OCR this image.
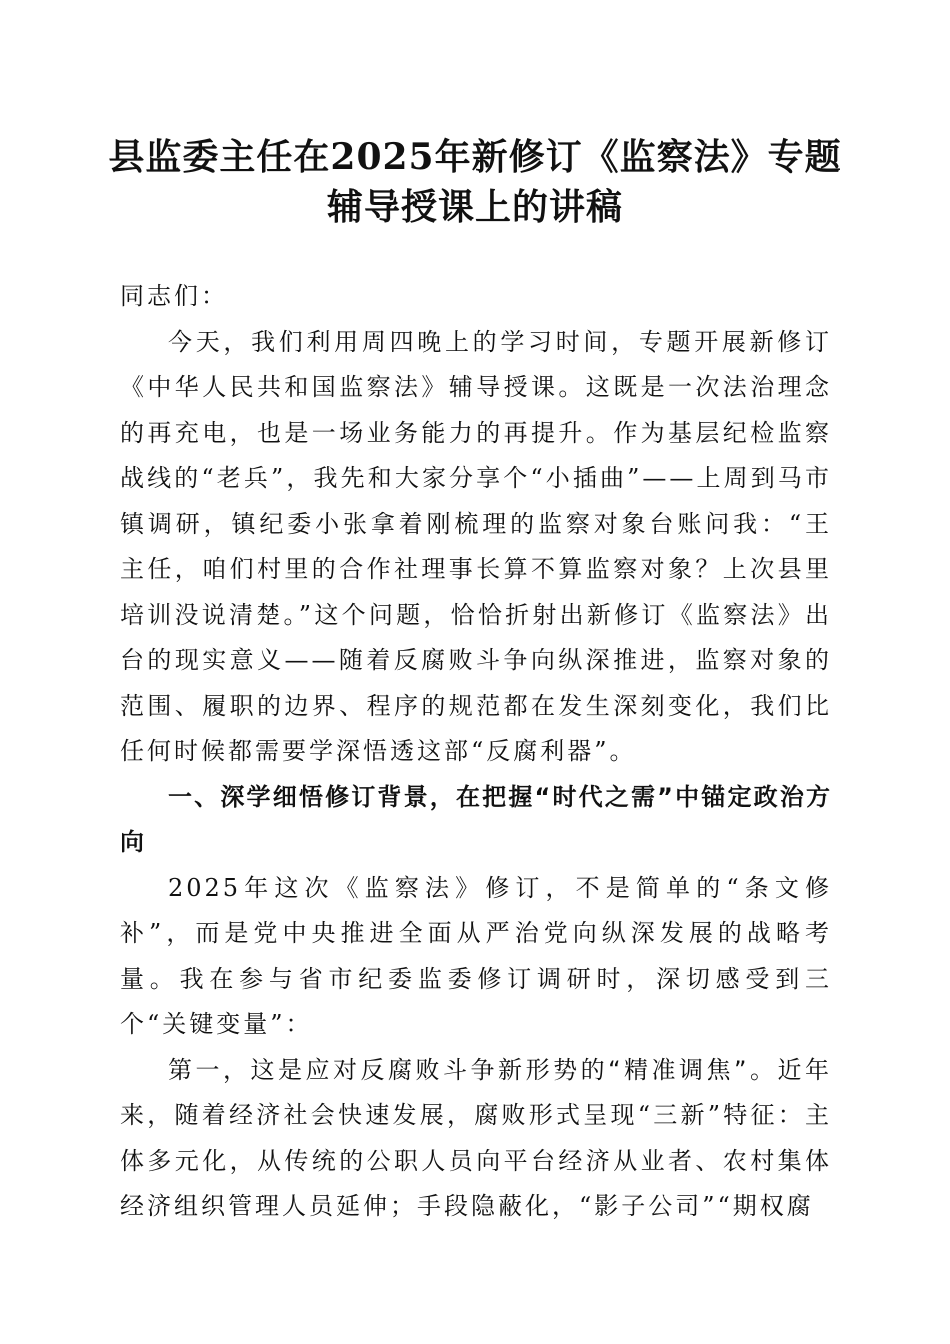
县监委主任在2025年新修订《监察法》专题辅导授课上的讲稿

同志们：

今天，我们利用周四晚上的学习时间，专题开展新修订《中华人民共和国监察法》辅导授课。这既是一次法治理念的再充电，也是一场业务能力的再提升。作为基层纪检监察战线的“老兵”，我先和大家分享个“小插曲”——上周到马市镇调研，镇纪委小张拿着刚梳理的监察对象台账问我：“王主任，咱们村里的合作社理事长算不算监察对象？上次县里培训没说清楚。”这个问题，恰恰折射出新修订《监察法》出台的现实意义——随着反腐败斗争向纵深推进，监察对象的范围、履职的边界、程序的规范都在发生深刻变化，我们比任何时候都需要学深悟透这部“反腐利器”。

一、深学细悟修订背景，在把握“时代之需”中锚定政治方向

2025年这次《监察法》修订，不是简单的“条文修补”，而是党中央推进全面从严治党向纵深发展的战略考量。我在参与省市纪委监委修订调研时，深切感受到三个“关键变量”：

第一，这是应对反腐败斗争新形势的“精准调焦”。近年来，随着经济社会快速发展，腐败形式呈现“三新”特征：主体多元化，从传统的公职人员向平台经济从业者、农村集体经济组织管理人员延伸；手段隐蔽化，“影子公司”“期权腐
